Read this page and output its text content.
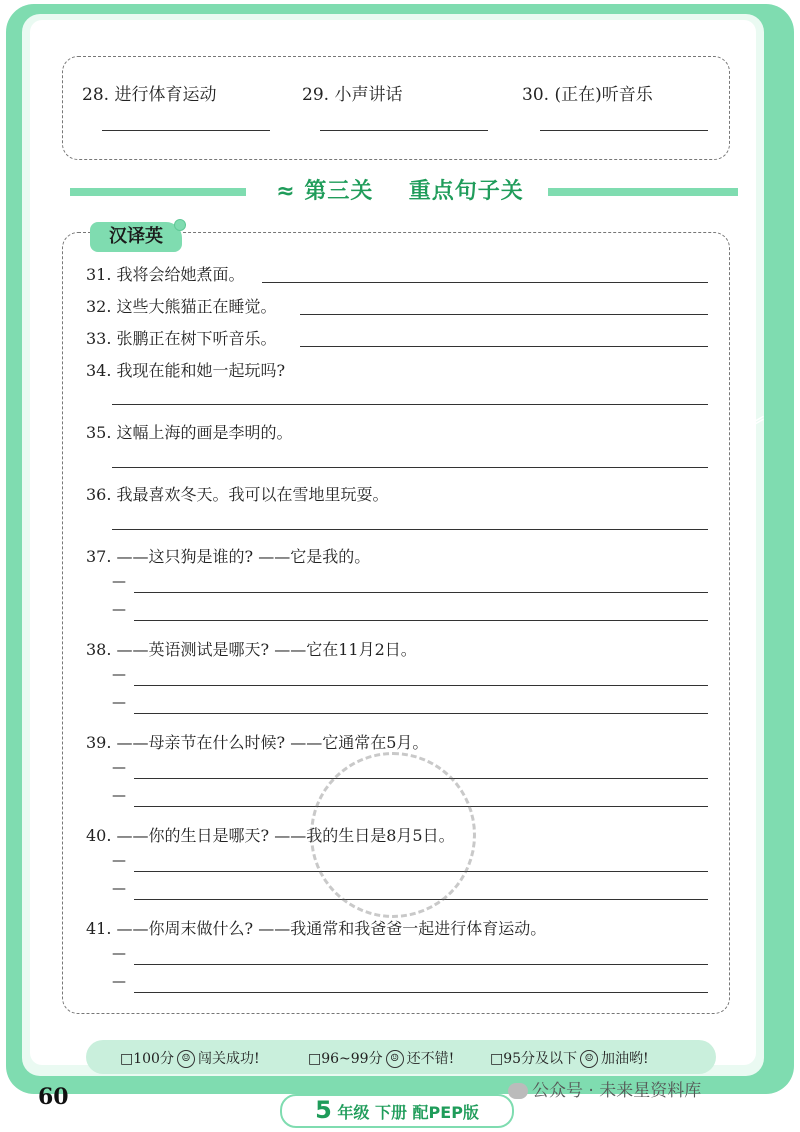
︾
︾
28. 进行体育运动	29. 小声讲话	30. (正在)听音乐
≈ 第三关 重点句子关
汉译英
31. 我将会给她煮面。
32. 这些大熊猫正在睡觉。
33. 张鹏正在树下听音乐。
34. 我现在能和她一起玩吗?
35. 这幅上海的画是李明的。
36. 我最喜欢冬天。我可以在雪地里玩耍。
37. ——这只狗是谁的? ——它是我的。
—
—
38. ——英语测试是哪天? ——它在11月2日。
—
—
39. ——母亲节在什么时候? ——它通常在5月。
—
—
40. ——你的生日是哪天? ——我的生日是8月5日。
—
—
41. ——你周末做什么? ——我通常和我爸爸一起进行体育运动。
—
—
□100分 ☺ 闯关成功!	□96~99分 ☺ 还不错!	□95分及以下 ☺ 加油哟!
60	5 年级 下册 配PEP版
公众号 · 未来星资料库
